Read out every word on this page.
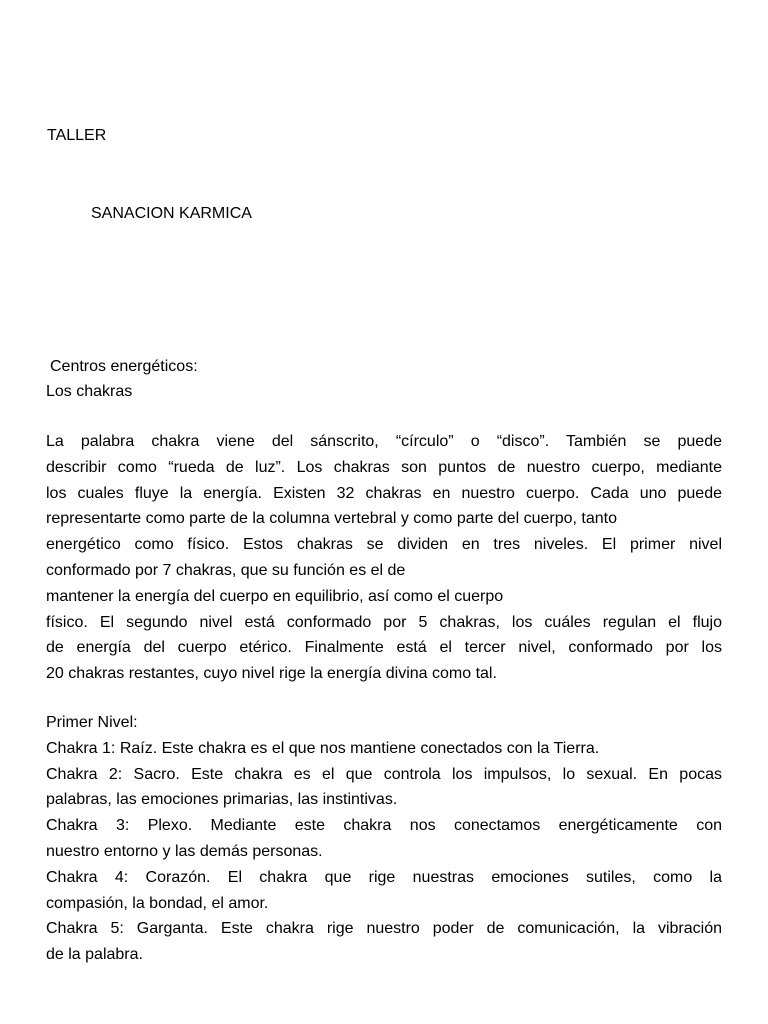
TALLER
SANACION KARMICA
Centros energéticos:
Los chakras
La palabra chakra viene del sánscrito, “círculo” o “disco”. También se puede
describir como “rueda de luz”. Los chakras son puntos de nuestro cuerpo, mediante
los cuales fluye la energía. Existen 32 chakras en nuestro cuerpo. Cada uno puede
representarte como parte de la columna vertebral y como parte del cuerpo, tanto
energético como físico. Estos chakras se dividen en tres niveles. El primer nivel
conformado por 7 chakras, que su función es el de
mantener la energía del cuerpo en equilibrio, así como el cuerpo
físico. El segundo nivel está conformado por 5 chakras, los cuáles regulan el flujo
de energía del cuerpo etérico. Finalmente está el tercer nivel, conformado por los
20 chakras restantes, cuyo nivel rige la energía divina como tal.
Primer Nivel:
Chakra 1: Raíz. Este chakra es el que nos mantiene conectados con la Tierra.
Chakra 2: Sacro. Este chakra es el que controla los impulsos, lo sexual. En pocas
palabras, las emociones primarias, las instintivas.
Chakra 3: Plexo. Mediante este chakra nos conectamos energéticamente con
nuestro entorno y las demás personas.
Chakra 4: Corazón. El chakra que rige nuestras emociones sutiles, como la
compasión, la bondad, el amor.
Chakra 5: Garganta. Este chakra rige nuestro poder de comunicación, la vibración
de la palabra.
